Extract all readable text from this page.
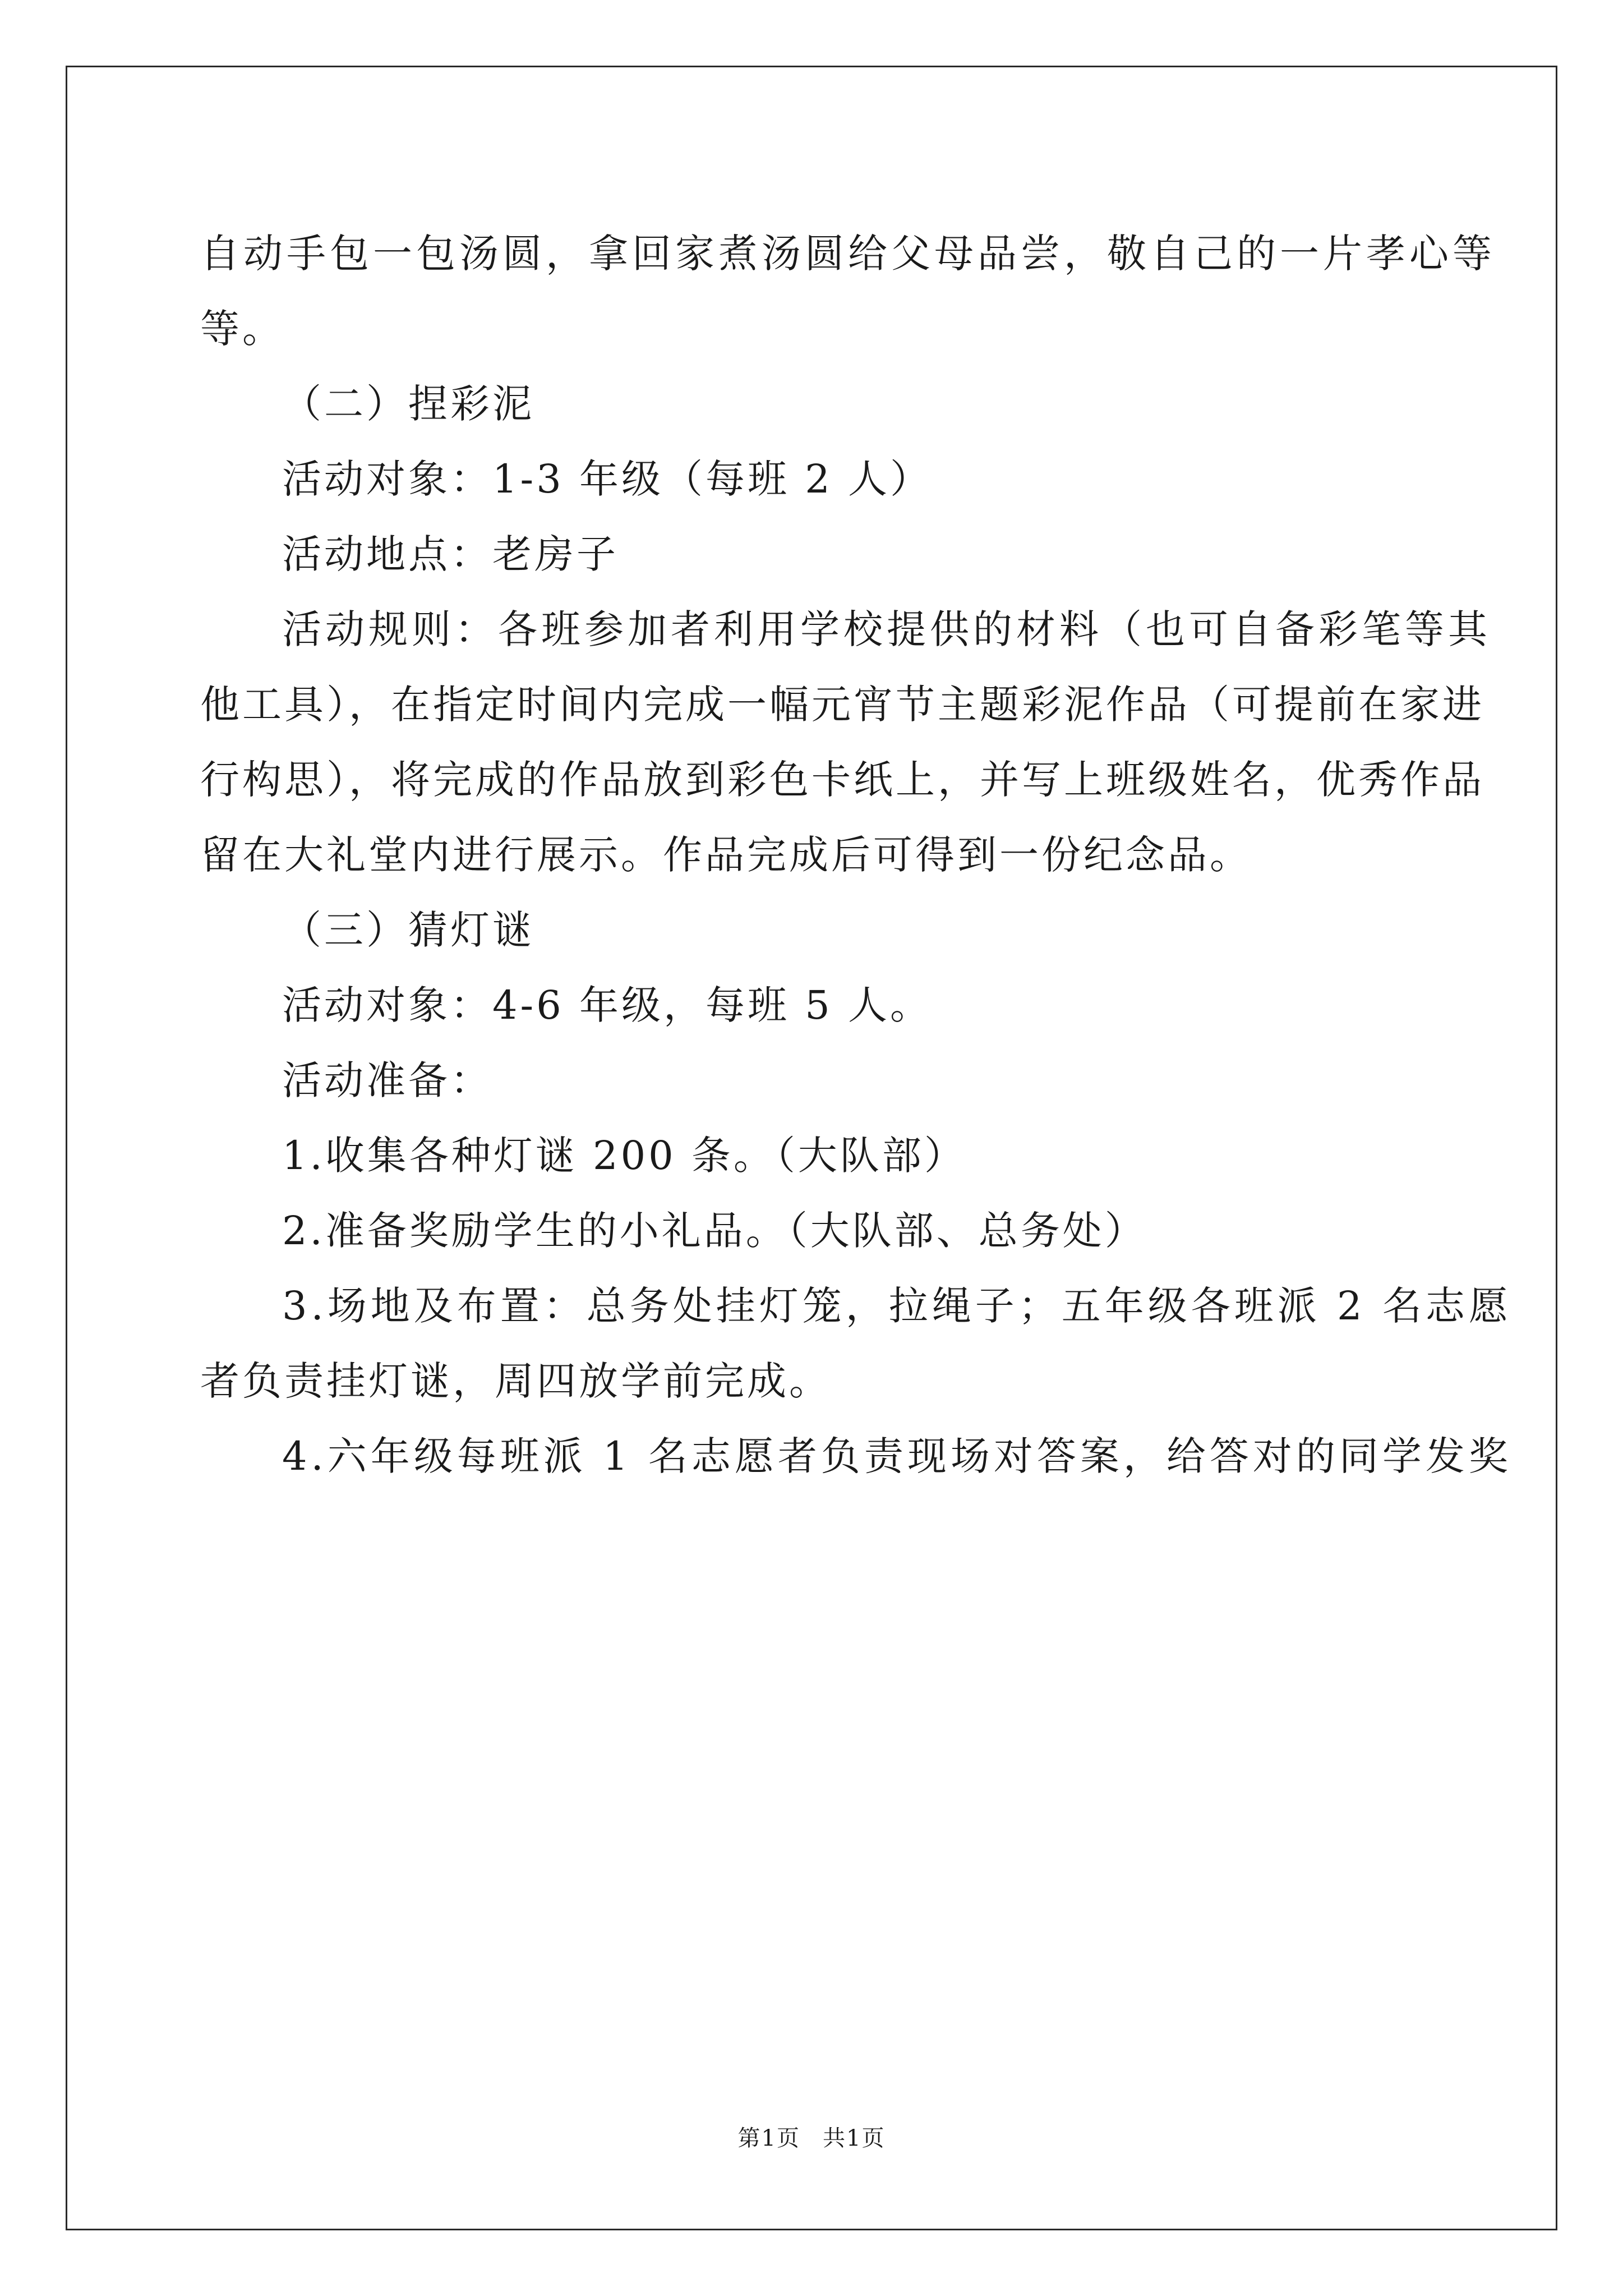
自动手包一包汤圆，拿回家煮汤圆给父母品尝，敬自己的一片孝心等
等。
（二）捏彩泥
活动对象：1-3 年级（每班 2 人）
活动地点：老房子
活动规则：各班参加者利用学校提供的材料（也可自备彩笔等其
他工具），在指定时间内完成一幅元宵节主题彩泥作品（可提前在家进
行构思），将完成的作品放到彩色卡纸上，并写上班级姓名，优秀作品
留在大礼堂内进行展示。作品完成后可得到一份纪念品。
（三）猜灯谜
活动对象：4-6 年级，每班 5 人。
活动准备：
1.收集各种灯谜 200 条。（大队部）
2.准备奖励学生的小礼品。（大队部、总务处）
3.场地及布置：总务处挂灯笼，拉绳子；五年级各班派 2 名志愿
者负责挂灯谜，周四放学前完成。
4.六年级每班派 1 名志愿者负责现场对答案，给答对的同学发奖
第1页 共1页
